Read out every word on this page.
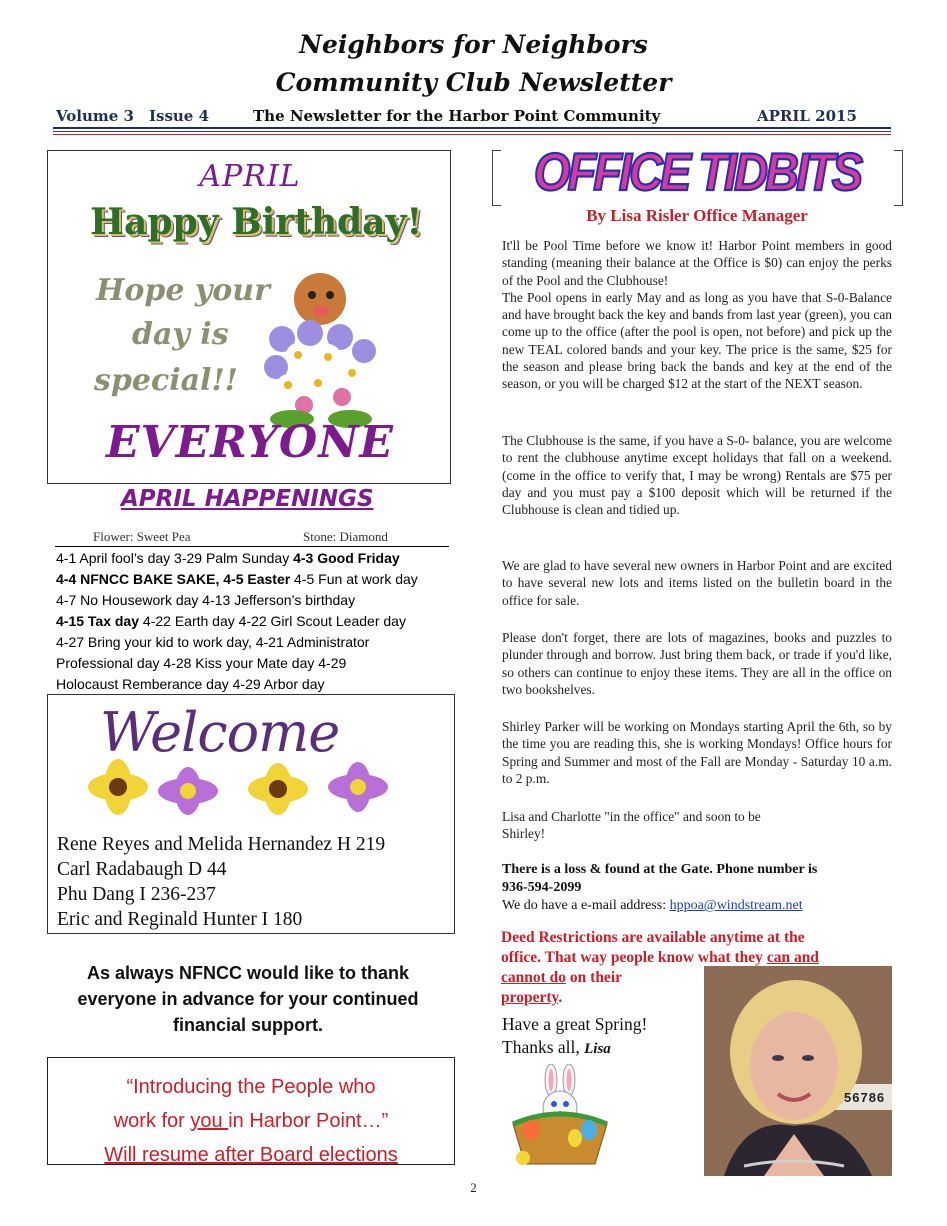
Neighbors for Neighbors
Community Club Newsletter
Volume 3 Issue 4	The Newsletter for the Harbor Point Community	APRIL 2015
APRIL
Happy Birthday!
Hope your
day is
special!!
EVERYONE
APRIL HAPPENINGS
Flower: Sweet Pea	Stone: Diamond
4-1 April fool’s day 3-29 Palm Sunday 4-3 Good Friday
4-4 NFNCC BAKE SAKE, 4-5 Easter 4-5 Fun at work day
4-7 No Housework day 4-13 Jefferson’s birthday
4-15 Tax day 4-22 Earth day 4-22 Girl Scout Leader day
4-27 Bring your kid to work day, 4-21 Administrator
Professional day 4-28 Kiss your Mate day 4-29
Holocaust Remberance day 4-29 Arbor day
Welcome
Rene Reyes and Melida Hernandez H 219
Carl Radabaugh D 44
Phu Dang I 236-237
Eric and Reginald Hunter I 180
As always NFNCC would like to thank
everyone in advance for your continued
financial support.
“Introducing the People who
work for you in Harbor Point…”
Will resume after Board elections
OFFICE TIDBITS
By Lisa Risler Office Manager
It'll be Pool Time before we know it! Harbor Point members in good standing (meaning their balance at the Office is $0) can enjoy the perks of the Pool and the Clubhouse!
The Pool opens in early May and as long as you have that S-0-Balance and have brought back the key and bands from last year (green), you can come up to the office (after the pool is open, not before) and pick up the new TEAL colored bands and your key. The price is the same, $25 for the season and please bring back the bands and key at the end of the season, or you will be charged $12 at the start of the NEXT season.
The Clubhouse is the same, if you have a S-0- balance, you are welcome to rent the clubhouse anytime except holidays that fall on a weekend. (come in the office to verify that, I may be wrong) Rentals are $75 per day and you must pay a $100 deposit which will be returned if the Clubhouse is clean and tidied up.
We are glad to have several new owners in Harbor Point and are excited to have several new lots and items listed on the bulletin board in the office for sale.
Please don't forget, there are lots of magazines, books and puzzles to plunder through and borrow. Just bring them back, or trade if you'd like, so others can continue to enjoy these items. They are all in the office on two bookshelves.
Shirley Parker will be working on Mondays starting April the 6th, so by the time you are reading this, she is working Mondays! Office hours for Spring and Summer and most of the Fall are Monday - Saturday 10 a.m. to 2 p.m.
Lisa and Charlotte "in the office" and soon to be
Shirley!
There is a loss & found at the Gate. Phone number is
936-594-2099
We do have a e-mail address: hppoa@windstream.net
Deed Restrictions are available anytime at the
office. That way people know what they can and
cannot do on their
property.
Have a great Spring!
Thanks all, Lisa
56786
2
